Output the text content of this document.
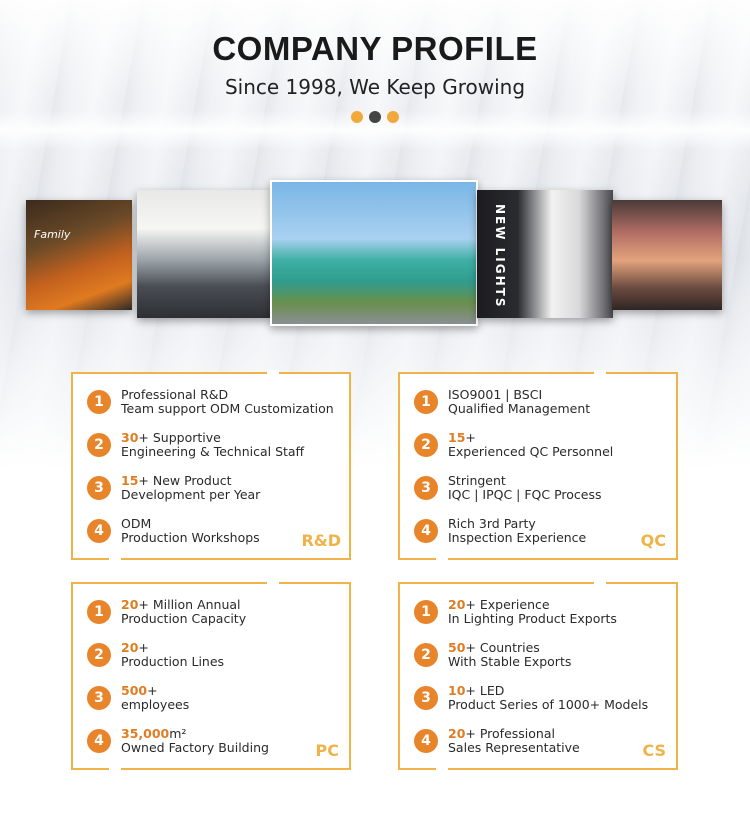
COMPANY PROFILE
Since 1998, We Keep Growing
Family	NEW LIGHTS
1	Professional R&D
Team support ODM Customization
2	30+ Supportive
Engineering & Technical Staff
3	15+ New Product
Development per Year
4	ODM
Production Workshops	R&D
1	ISO9001 | BSCI
Qualified Management
2	15+
Experienced QC Personnel
3	Stringent
IQC | IPQC | FQC Process
4	Rich 3rd Party
Inspection Experience	QC
1	20+ Million Annual
Production Capacity
2	20+
Production Lines
3	500+
employees
4	35,000m²
Owned Factory Building	PC
1	20+ Experience
In Lighting Product Exports
2	50+ Countries
With Stable Exports
3	10+ LED
Product Series of 1000+ Models
4	20+ Professional
Sales Representative	CS
